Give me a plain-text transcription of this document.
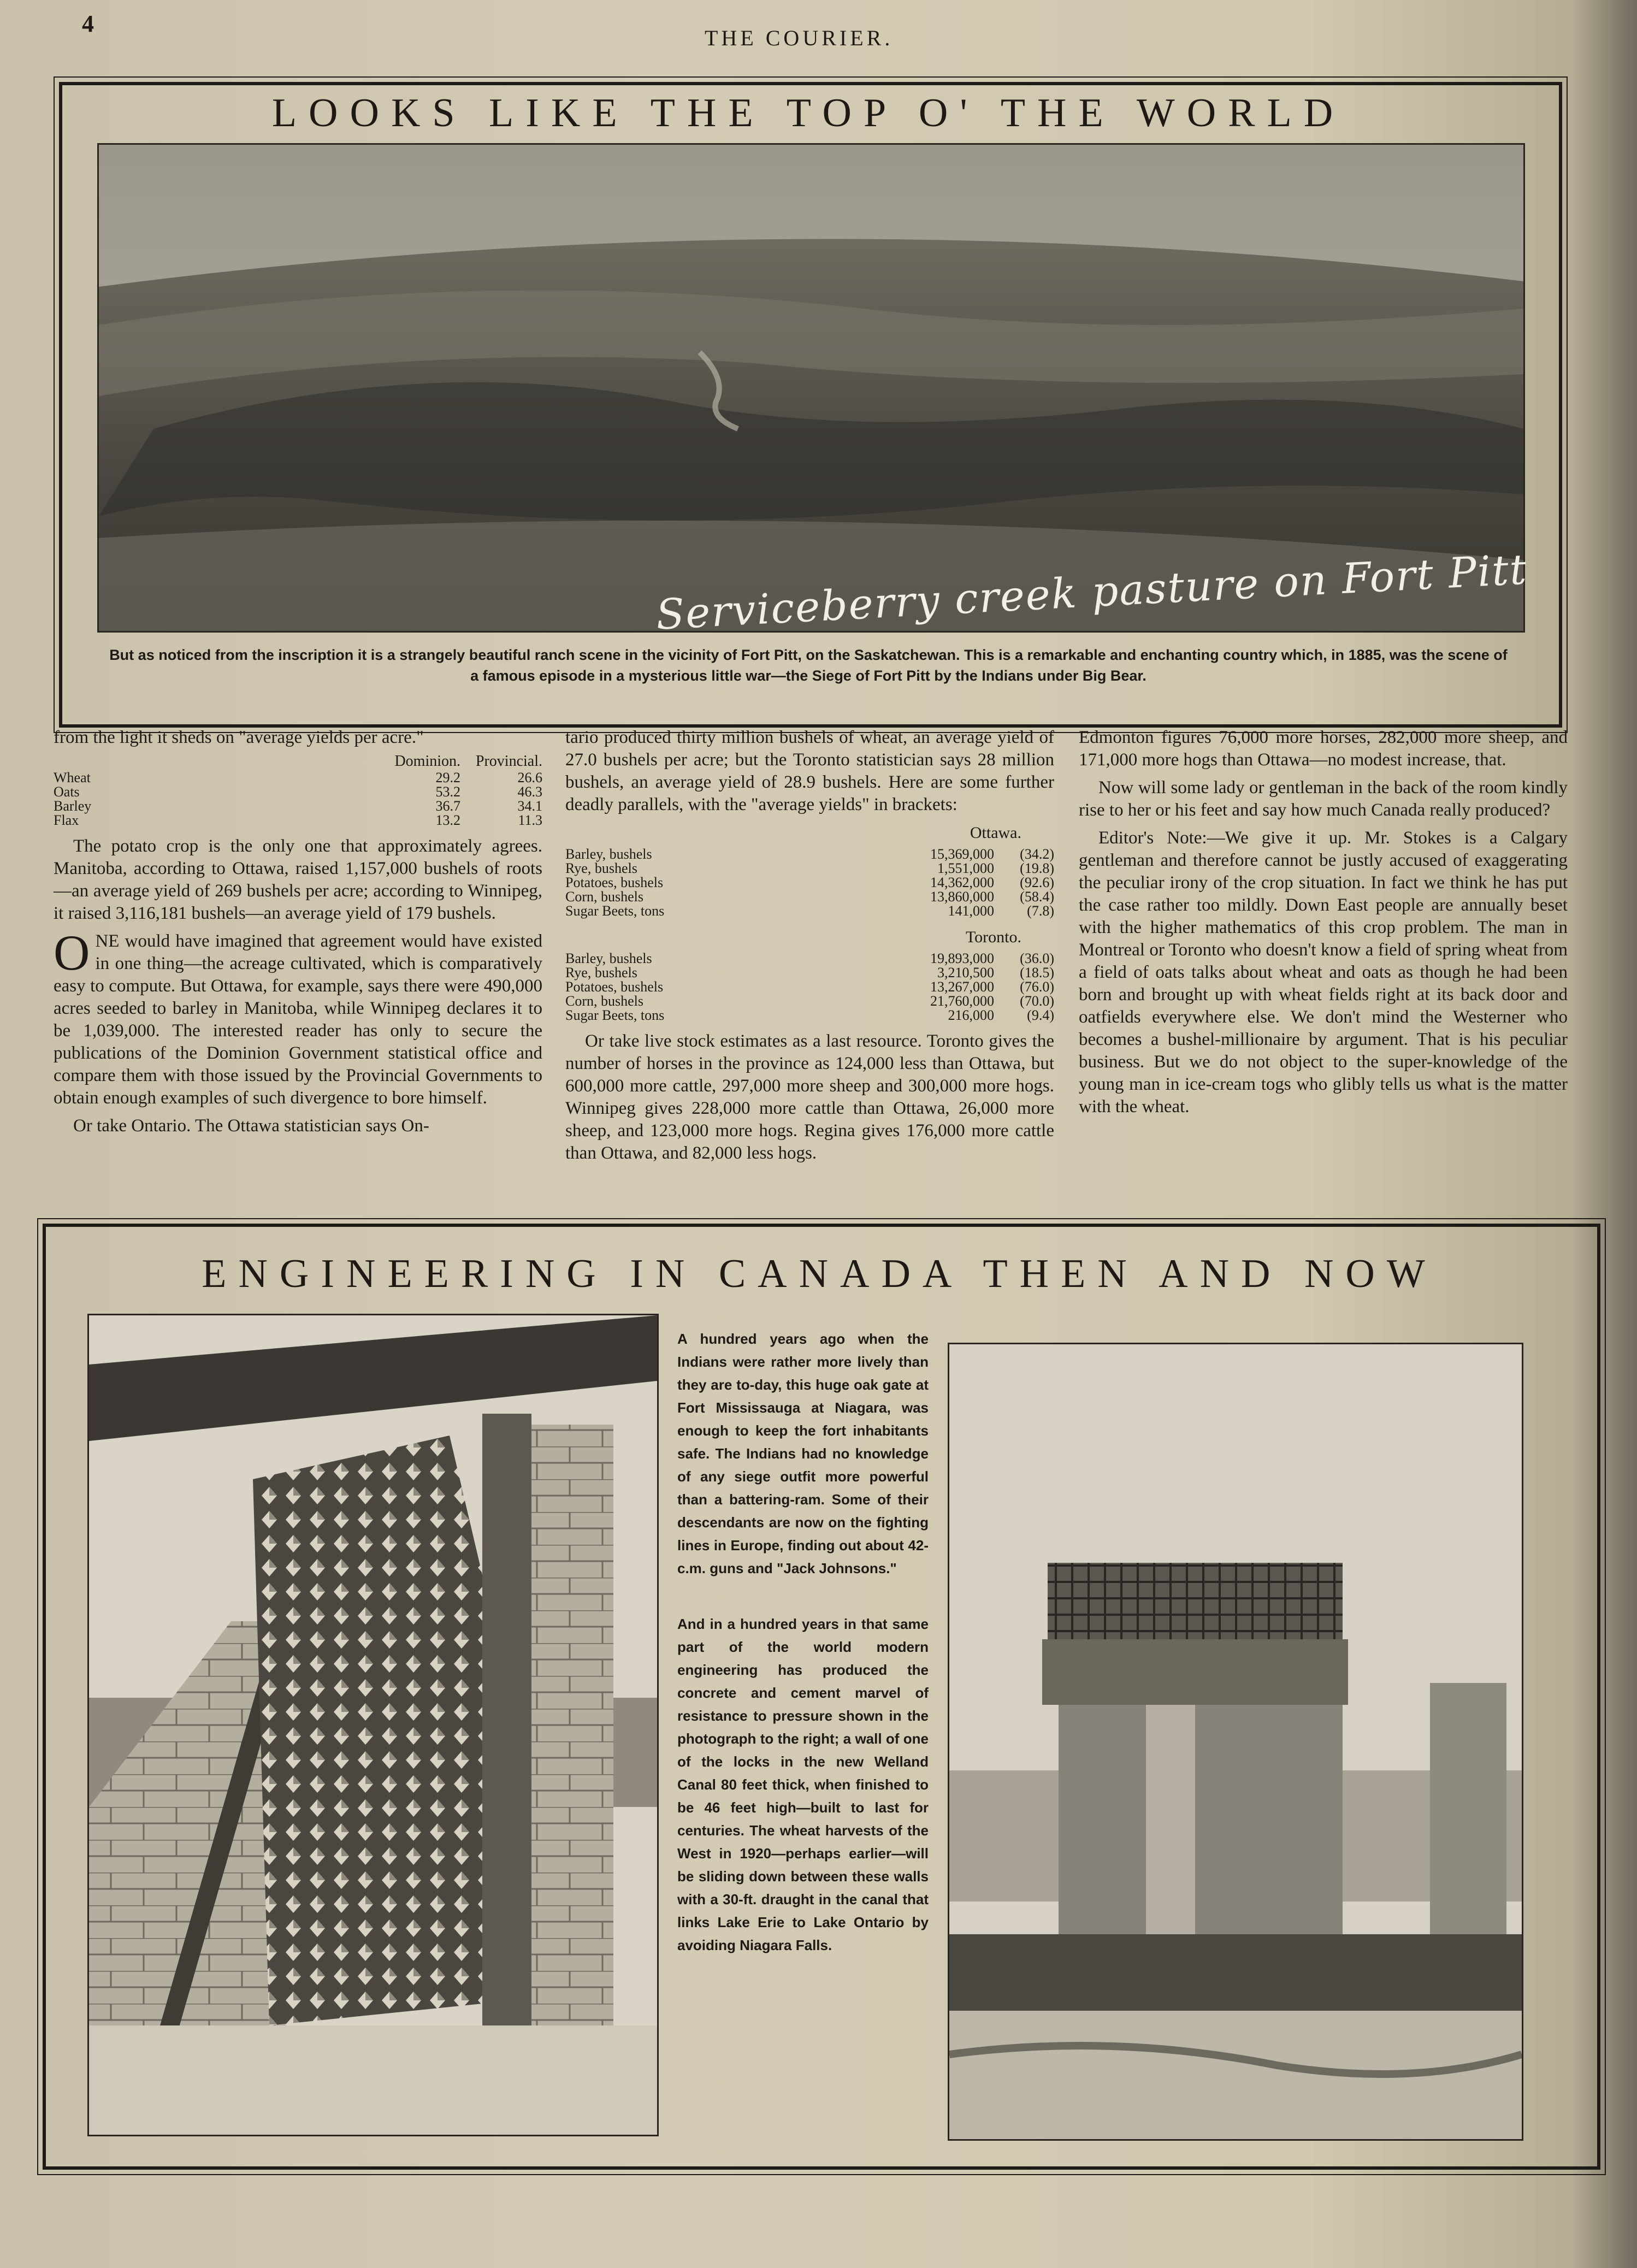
4
THE COURIER.
LOOKS LIKE THE TOP O' THE WORLD
Serviceberry creek pasture on Fort Pitt
But as noticed from the inscription it is a strangely beautiful ranch scene in the vicinity of Fort Pitt, on the Saskatchewan. This is a remarkable and enchanting country which, in 1885, was the scene of a famous episode in a mysterious little war—the Siege of Fort Pitt by the Indians under Big Bear.

from the light it sheds on "average yields per acre."

	Dominion.	Provincial.
Wheat	29.2	26.6
Oats	53.2	46.3
Barley	36.7	34.1
Flax	13.2	11.3

The potato crop is the only one that approximately agrees. Manitoba, according to Ottawa, raised 1,157,000 bushels of roots—an average yield of 269 bushels per acre; according to Winnipeg, it raised 3,116,181 bushels—an average yield of 179 bushels.

ONE would have imagined that agreement would have existed in one thing—the acreage cultivated, which is comparatively easy to compute. But Ottawa, for example, says there were 490,000 acres seeded to barley in Manitoba, while Winnipeg declares it to be 1,039,000. The interested reader has only to secure the publications of the Dominion Government statistical office and compare them with those issued by the Provincial Governments to obtain enough examples of such divergence to bore himself.

Or take Ontario. The Ottawa statistician says On-

tario produced thirty million bushels of wheat, an average yield of 27.0 bushels per acre; but the Toronto statistician says 28 million bushels, an average yield of 28.9 bushels. Here are some further deadly parallels, with the "average yields" in brackets:

Ottawa.
Barley, bushels	15,369,000	(34.2)
Rye, bushels	1,551,000	(19.8)
Potatoes, bushels	14,362,000	(92.6)
Corn, bushels	13,860,000	(58.4)
Sugar Beets, tons	141,000	(7.8)
Toronto.
Barley, bushels	19,893,000	(36.0)
Rye, bushels	3,210,500	(18.5)
Potatoes, bushels	13,267,000	(76.0)
Corn, bushels	21,760,000	(70.0)
Sugar Beets, tons	216,000	(9.4)

Or take live stock estimates as a last resource. Toronto gives the number of horses in the province as 124,000 less than Ottawa, but 600,000 more cattle, 297,000 more sheep and 300,000 more hogs. Winnipeg gives 228,000 more cattle than Ottawa, 26,000 more sheep, and 123,000 more hogs. Regina gives 176,000 more cattle than Ottawa, and 82,000 less hogs.

Edmonton figures 76,000 more horses, 282,000 more sheep, and 171,000 more hogs than Ottawa—no modest increase, that.

Now will some lady or gentleman in the back of the room kindly rise to her or his feet and say how much Canada really produced?

Editor's Note:—We give it up. Mr. Stokes is a Calgary gentleman and therefore cannot be justly accused of exaggerating the peculiar irony of the crop situation. In fact we think he has put the case rather too mildly. Down East people are annually beset with the higher mathematics of this crop problem. The man in Montreal or Toronto who doesn't know a field of spring wheat from a field of oats talks about wheat and oats as though he had been born and brought up with wheat fields right at its back door and oatfields everywhere else. We don't mind the Westerner who becomes a bushel-millionaire by argument. That is his peculiar business. But we do not object to the super-knowledge of the young man in ice-cream togs who glibly tells us what is the matter with the wheat.

ENGINEERING IN CANADA THEN AND NOW

A hundred years ago when the Indians were rather more lively than they are to-day, this huge oak gate at Fort Mississauga at Niagara, was enough to keep the fort inhabitants safe. The Indians had no knowledge of any siege outfit more powerful than a battering-ram. Some of their descendants are now on the fighting lines in Europe, finding out about 42-c.m. guns and "Jack Johnsons."

And in a hundred years in that same part of the world modern engineering has produced the concrete and cement marvel of resistance to pressure shown in the photograph to the right; a wall of one of the locks in the new Welland Canal 80 feet thick, when finished to be 46 feet high—built to last for centuries. The wheat harvests of the West in 1920—perhaps earlier—will be sliding down between these walls with a 30-ft. draught in the canal that links Lake Erie to Lake Ontario by avoiding Niagara Falls.
